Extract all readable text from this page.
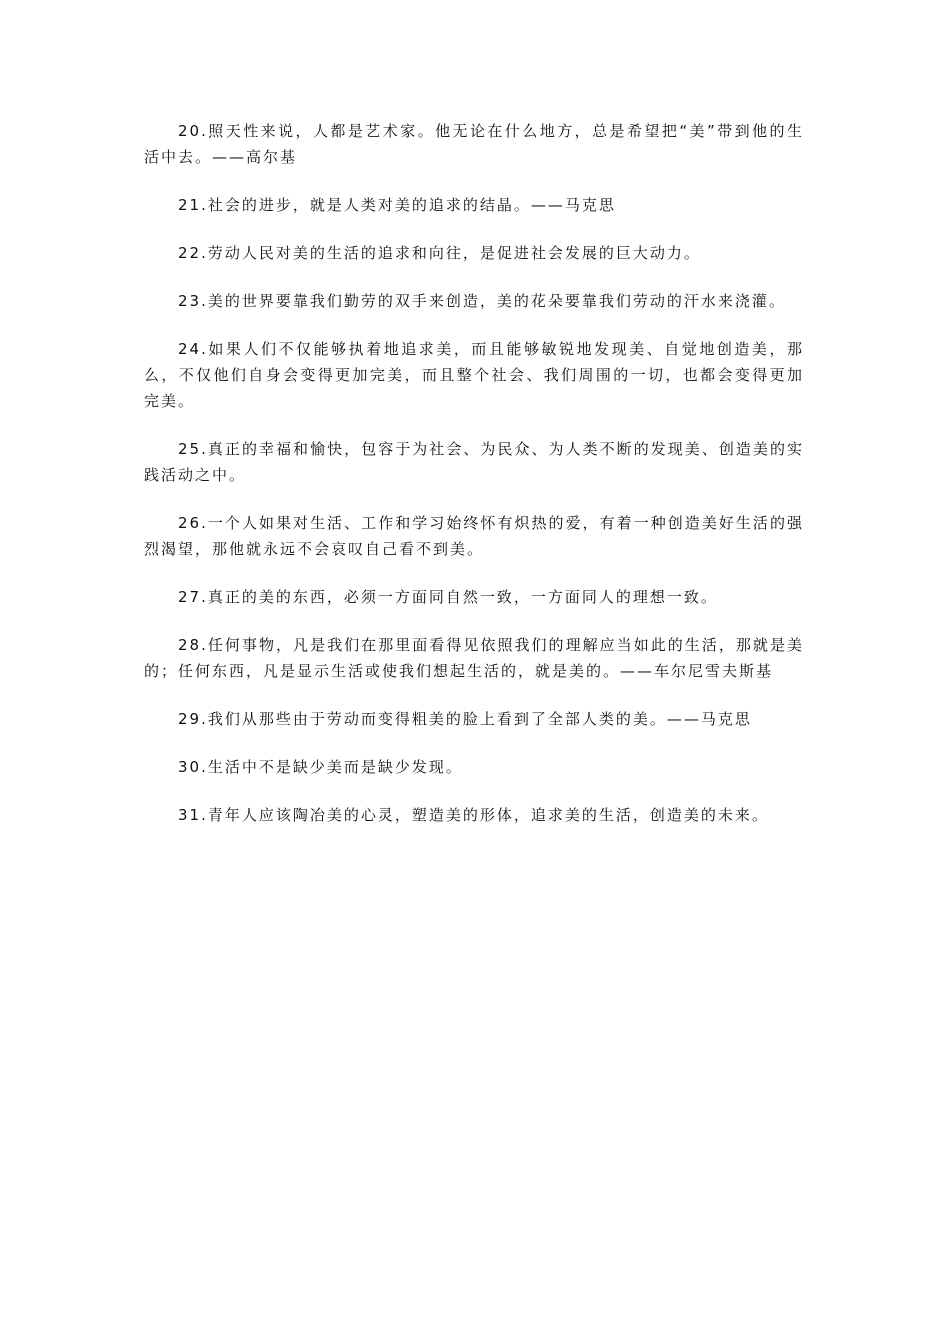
20.照天性来说，人都是艺术家。他无论在什么地方，总是希望把“美”带到他的生活中去。——高尔基

21.社会的进步，就是人类对美的追求的结晶。——马克思

22.劳动人民对美的生活的追求和向往，是促进社会发展的巨大动力。

23.美的世界要靠我们勤劳的双手来创造，美的花朵要靠我们劳动的汗水来浇灌。

24.如果人们不仅能够执着地追求美，而且能够敏锐地发现美、自觉地创造美，那么，不仅他们自身会变得更加完美，而且整个社会、我们周围的一切，也都会变得更加完美。

25.真正的幸福和愉快，包容于为社会、为民众、为人类不断的发现美、创造美的实践活动之中。

26.一个人如果对生活、工作和学习始终怀有炽热的爱，有着一种创造美好生活的强烈渴望，那他就永远不会哀叹自己看不到美。

27.真正的美的东西，必须一方面同自然一致，一方面同人的理想一致。

28.任何事物，凡是我们在那里面看得见依照我们的理解应当如此的生活，那就是美的；任何东西，凡是显示生活或使我们想起生活的，就是美的。——车尔尼雪夫斯基

29.我们从那些由于劳动而变得粗美的脸上看到了全部人类的美。——马克思

30.生活中不是缺少美而是缺少发现。

31.青年人应该陶冶美的心灵，塑造美的形体，追求美的生活，创造美的未来。
